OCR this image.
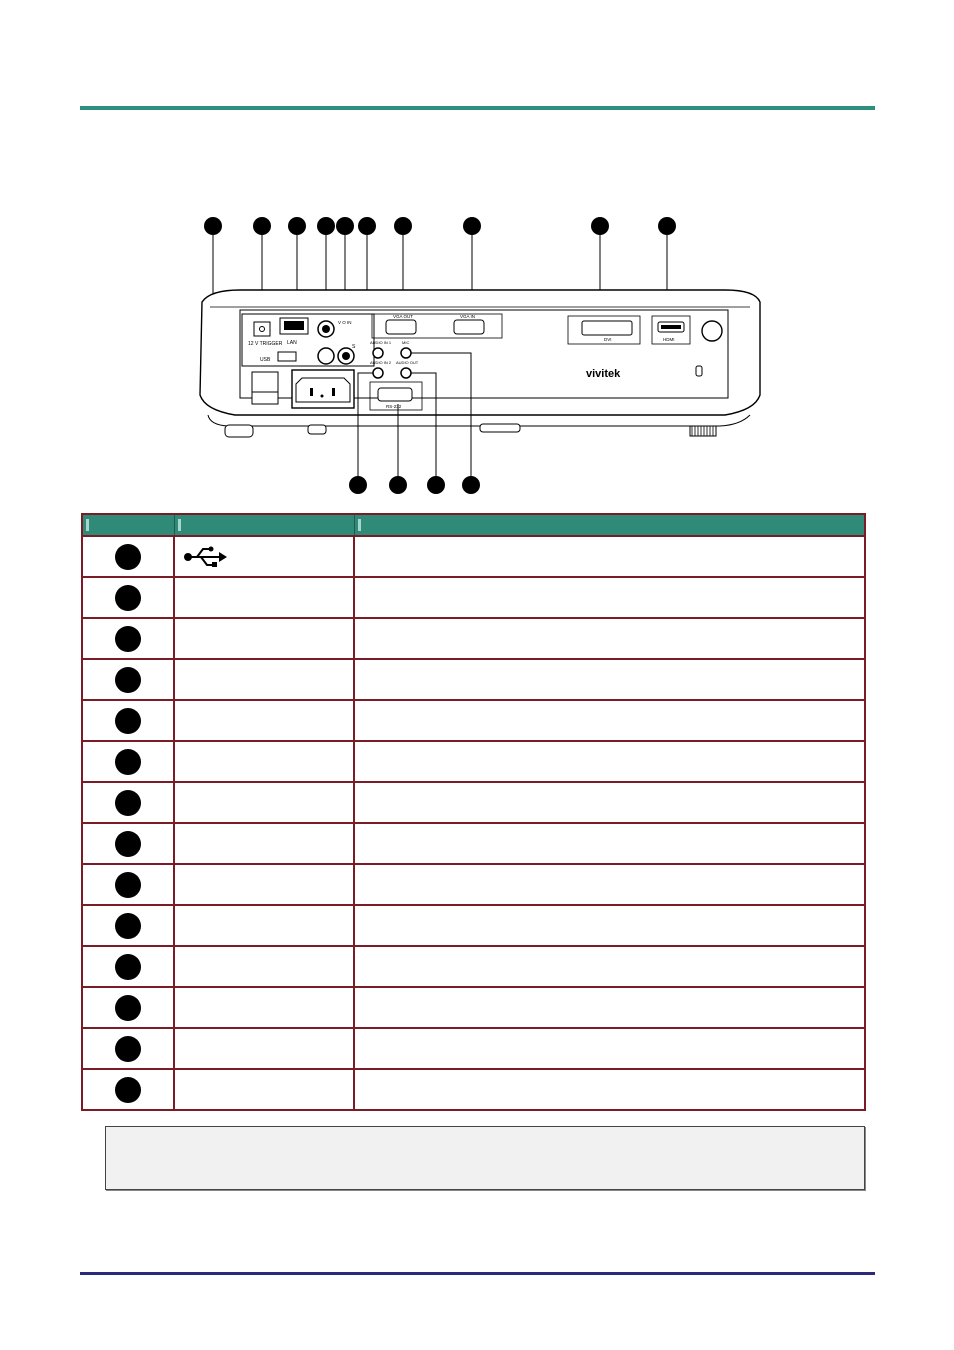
12 V TRIGGER LAN
USB
V O IN
S
VGA OUT	VGA IN
AUDIO IN 1	MIC
AUDIO IN 2 AUDIO OUT
RS-232
DVI	HDMI
vivitek
